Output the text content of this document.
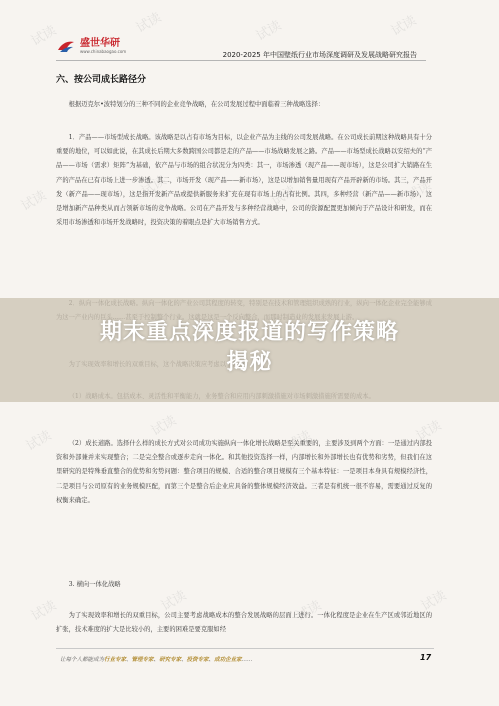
试读
试读	试读	试读
试读
试读	试读	试读
试读
试读
试读	试读
试读	试读	试读	试读
盛世华研
www.chinabaogao.com	2020-2025 年中国壁纸行业市场深度调研及发展战略研究报告
六、按公司成长路径分

根据迈克尔•波特划分的三种不同的企业竞争战略，在公司发展过程中面临着三种战略选择：

1．产品——市场型成长战略。该战略是以占有市场为目标，以企业产品为主线的公司发展战略。在公司成长前期这种战略具有十分重要的地位，可以如此说，在其成长后期大多数跨国公司都是走的产品——市场战略发展之路。产品——市场型成长战略以安绍夫的“产品——市场（需求）矩阵”为基础，依产品与市场的组合状况分为四类：其一，市场渗透（现产品——现市场），这是公司扩大销路在生产的产品在已有市场上进一步渗透。其二，市场开发（现产品——新市场），这是以增加销售量用现有产品开辟新的市场。其三，产品开发（新产品——现市场），这是指开发新产品或提供新服务来扩充在现有市场上的占有比例。其四，多种经营（新产品——新市场），这是增加新产品种类从而占领新市场的竞争战略。公司在产品开发与多种经营战略中，公司的资源配置更加倾向于产品设计和研发，而在采用市场渗透和市场开发战略时，投资决策的着眼点是扩大市场销售方式。

（2）成长道路。选择什么样的成长方式对公司成功实施纵向一体化增长战略是至关重要的，主要涉及到两个方面：一是通过内部投资和外部兼并来实现整合；二是完全整合或逐步走向一体化。和其他投资选择一样，内部增长和外部增长也有优势和劣势，但我们在这里研究的是特殊垂直整合的优势和劣势问题：整合项目的规模、合适的整合项目规模有三个基本特征：一是项目本身具有规模经济性，二是项目与公司原有的业务规模匹配，而第三个是整合后企业应具备的整体规模经济效益。三者是有机统一很不容易，需要通过反复的权衡来确定。

3. 横向一体化战略

为了实现效率和增长的双重目标，公司主要考虑战略成本的整合发展战略的层面上进行。一体化程度是企业在生产区或邻近地区的扩张，技术难度的扩大是比较小的，主要的困难是要克服如经

期末重点深度报道的写作策略
揭秘
让每个人都能成为行业专家、管理专家、研究专家、投资专家、成功企业家……	17
